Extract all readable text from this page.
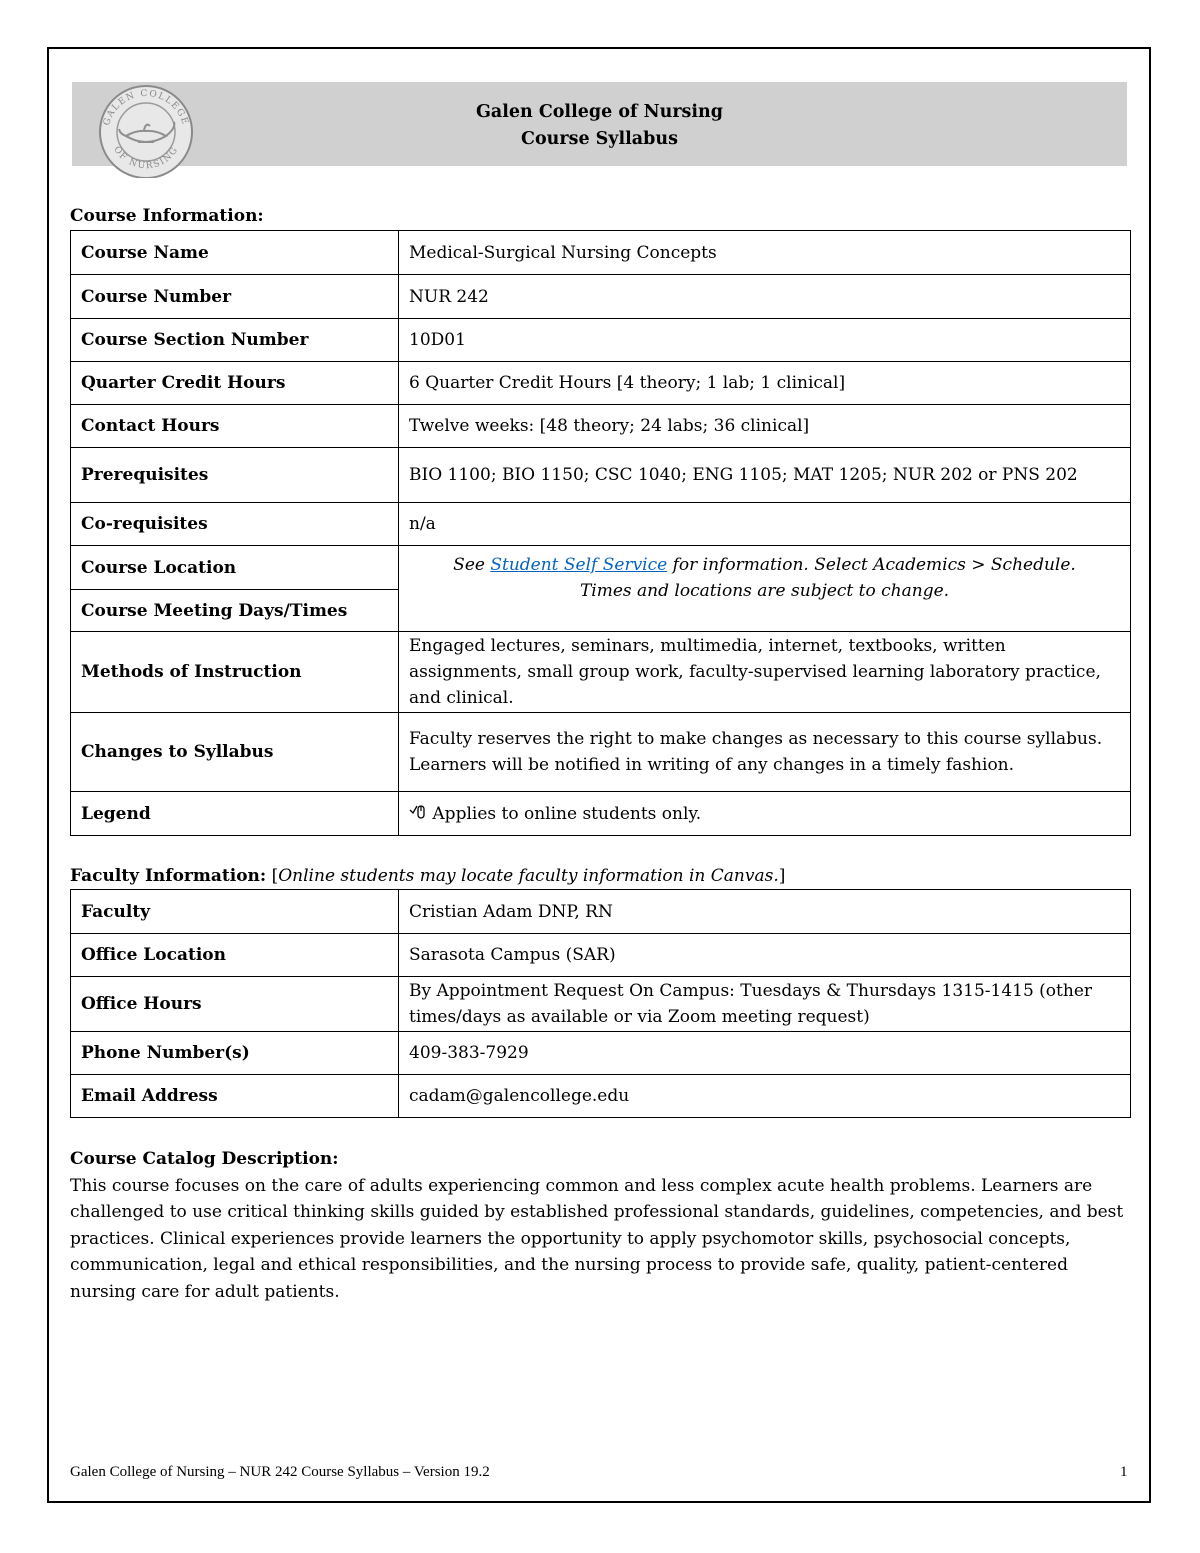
GALEN COLLEGE
OF NURSING
Galen College of Nursing
Course Syllabus
Course Information:
Course Name	Medical-Surgical Nursing Concepts
Course Number	NUR 242
Course Section Number	10D01
Quarter Credit Hours	6 Quarter Credit Hours [4 theory; 1 lab; 1 clinical]
Contact Hours	Twelve weeks: [48 theory; 24 labs; 36 clinical]
Prerequisites	BIO 1100; BIO 1150; CSC 1040; ENG 1105; MAT 1205; NUR 202 or PNS 202
Co-requisites	n/a
Course Location	See Student Self Service for information. Select Academics > Schedule.
Times and locations are subject to change.
Course Meeting Days/Times	
Methods of Instruction	Engaged lectures, seminars, multimedia, internet, textbooks, written assignments, small group work, faculty-supervised learning laboratory practice, and clinical.
Changes to Syllabus	Faculty reserves the right to make changes as necessary to this course syllabus. Learners will be notified in writing of any changes in a timely fashion.
Legend	Applies to online students only.
Faculty Information: [Online students may locate faculty information in Canvas.]
Faculty	Cristian Adam DNP, RN
Office Location	Sarasota Campus (SAR)
Office Hours	By Appointment Request On Campus: Tuesdays & Thursdays 1315-1415 (other times/days as available or via Zoom meeting request)
Phone Number(s)	409-383-7929
Email Address	cadam@galencollege.edu
Course Catalog Description:
This course focuses on the care of adults experiencing common and less complex acute health problems. Learners are challenged to use critical thinking skills guided by established professional standards, guidelines, competencies, and best practices. Clinical experiences provide learners the opportunity to apply psychomotor skills, psychosocial concepts, communication, legal and ethical responsibilities, and the nursing process to provide safe, quality, patient-centered nursing care for adult patients.
Galen College of Nursing – NUR 242 Course Syllabus – Version 19.2	1
